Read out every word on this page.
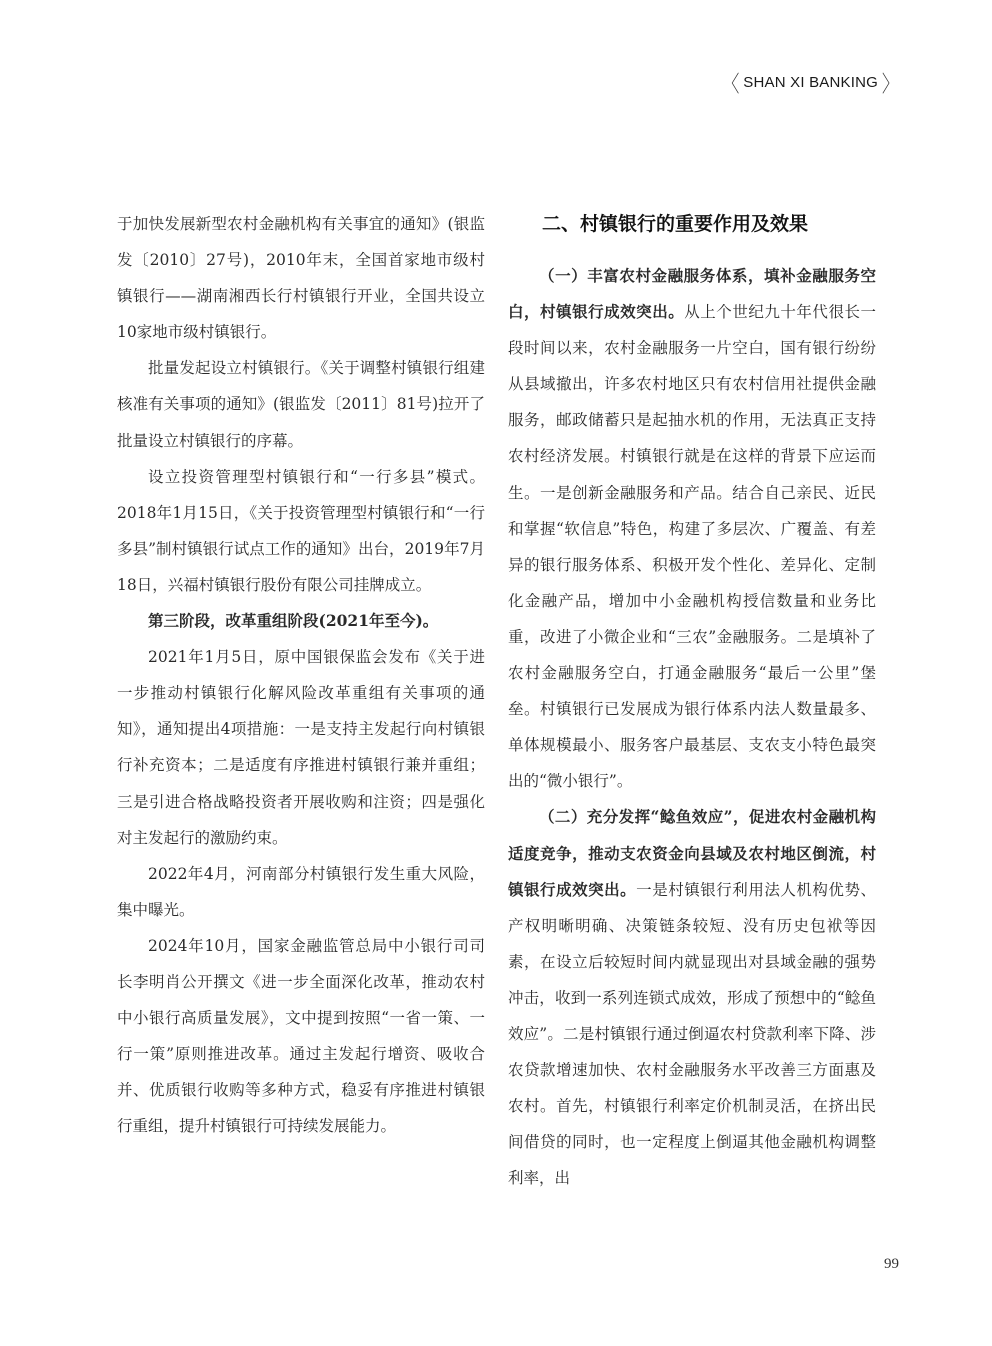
〈 SHAN XI BANKING 〉

于加快发展新型农村金融机构有关事宜的通知》(银监发〔2010〕27号)，2010年末，全国首家地市级村镇银行——湖南湘西长行村镇银行开业，全国共设立10家地市级村镇银行。

批量发起设立村镇银行。《关于调整村镇银行组建核准有关事项的通知》(银监发〔2011〕81号)拉开了批量设立村镇银行的序幕。

设立投资管理型村镇银行和“一行多县”模式。2018年1月15日，《关于投资管理型村镇银行和“一行多县”制村镇银行试点工作的通知》出台，2019年7月18日，兴福村镇银行股份有限公司挂牌成立。

第三阶段，改革重组阶段(2021年至今)。

2021年1月5日，原中国银保监会发布《关于进一步推动村镇银行化解风险改革重组有关事项的通知》，通知提出4项措施：一是支持主发起行向村镇银行补充资本；二是适度有序推进村镇银行兼并重组；三是引进合格战略投资者开展收购和注资；四是强化对主发起行的激励约束。

2022年4月，河南部分村镇银行发生重大风险，集中曝光。

2024年10月，国家金融监管总局中小银行司司长李明肖公开撰文《进一步全面深化改革，推动农村中小银行高质量发展》，文中提到按照“一省一策、一行一策”原则推进改革。通过主发起行增资、吸收合并、优质银行收购等多种方式，稳妥有序推进村镇银行重组，提升村镇银行可持续发展能力。

二、村镇银行的重要作用及效果

（一）丰富农村金融服务体系，填补金融服务空白，村镇银行成效突出。从上个世纪九十年代很长一段时间以来，农村金融服务一片空白，国有银行纷纷从县域撤出，许多农村地区只有农村信用社提供金融服务，邮政储蓄只是起抽水机的作用，无法真正支持农村经济发展。村镇银行就是在这样的背景下应运而生。一是创新金融服务和产品。结合自己亲民、近民和掌握“软信息”特色，构建了多层次、广覆盖、有差异的银行服务体系、积极开发个性化、差异化、定制化金融产品，增加中小金融机构授信数量和业务比重，改进了小微企业和“三农”金融服务。二是填补了农村金融服务空白，打通金融服务“最后一公里”堡垒。村镇银行已发展成为银行体系内法人数量最多、单体规模最小、服务客户最基层、支农支小特色最突出的“微小银行”。

（二）充分发挥“鲶鱼效应”，促进农村金融机构适度竞争，推动支农资金向县域及农村地区倒流，村镇银行成效突出。一是村镇银行利用法人机构优势、产权明晰明确、决策链条较短、没有历史包袱等因素，在设立后较短时间内就显现出对县域金融的强势冲击，收到一系列连锁式成效，形成了预想中的“鲶鱼效应”。二是村镇银行通过倒逼农村贷款利率下降、涉农贷款增速加快、农村金融服务水平改善三方面惠及农村。首先，村镇银行利率定价机制灵活，在挤出民间借贷的同时，也一定程度上倒逼其他金融机构调整利率，出

99
